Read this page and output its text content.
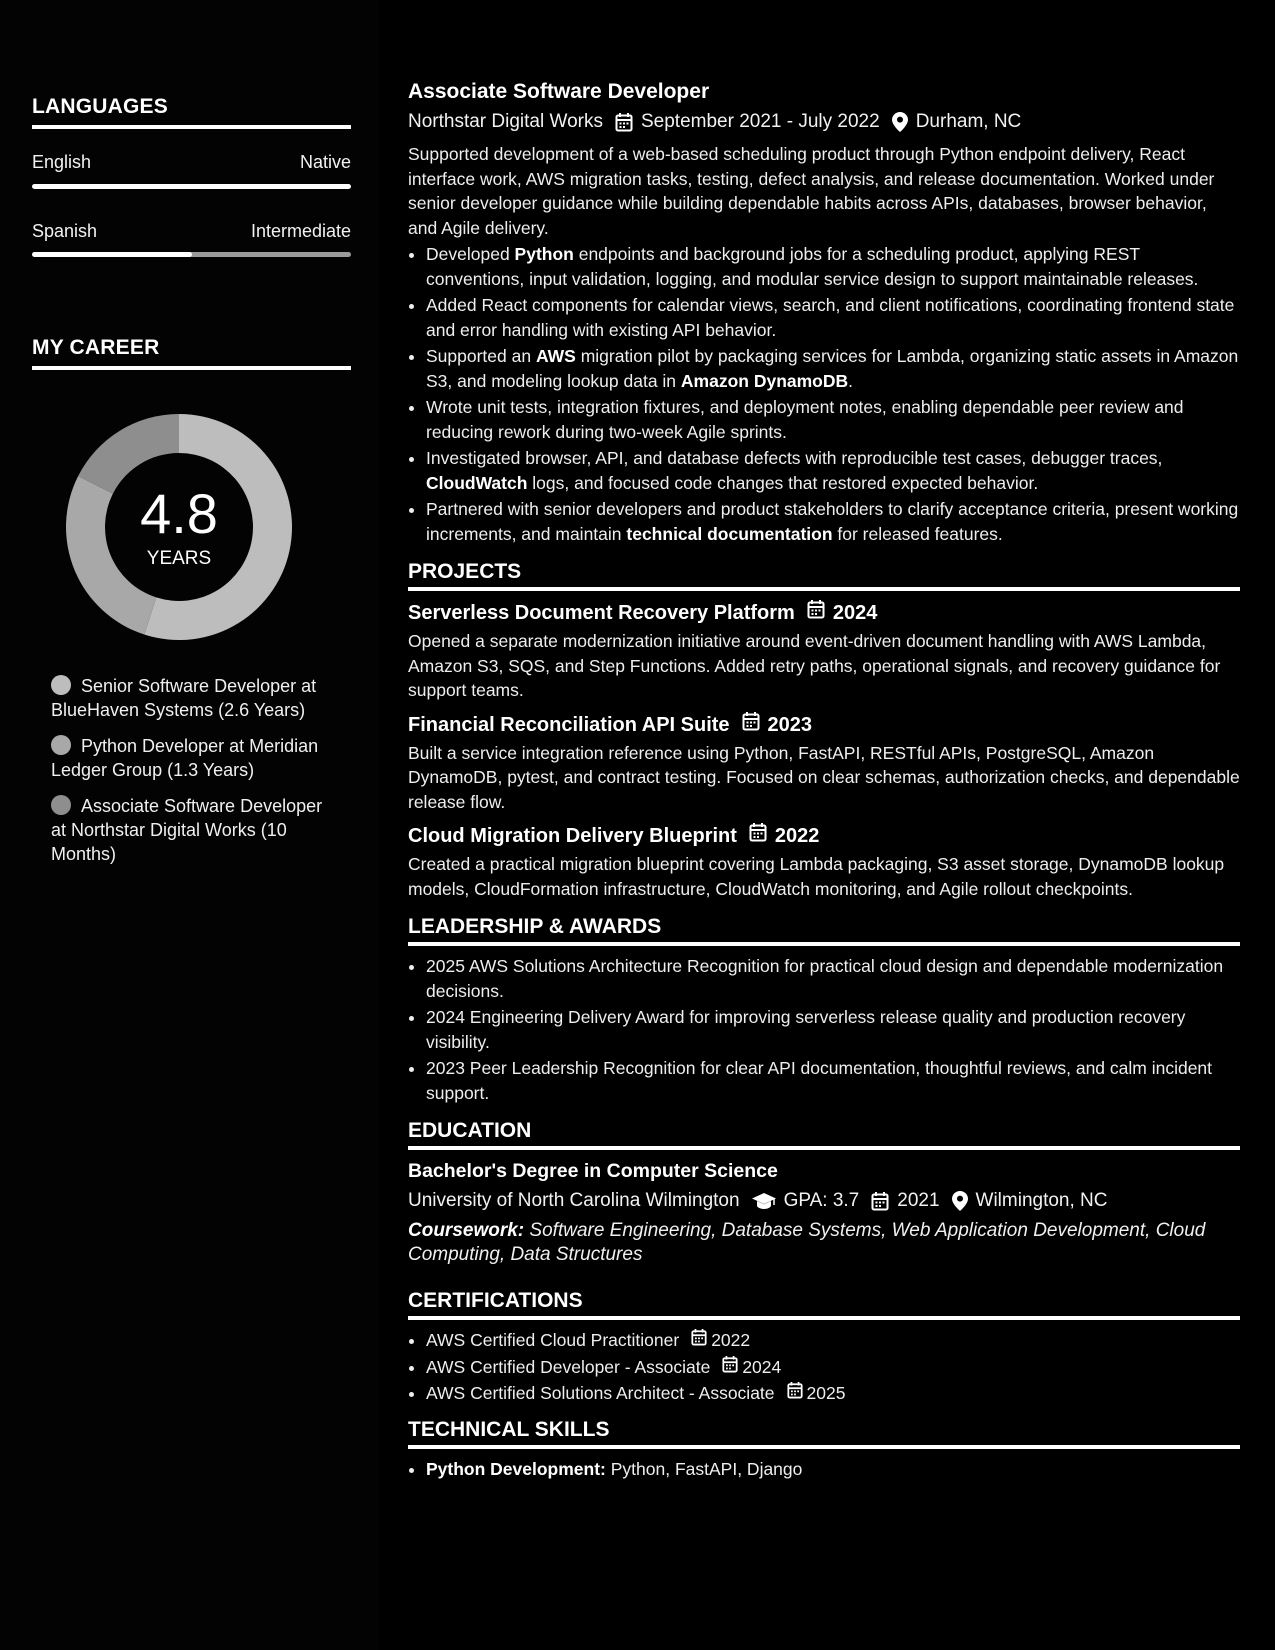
LANGUAGES
English	Native
Spanish	Intermediate
MY CAREER
4.8
YEARS
Senior Software Developer at BlueHaven Systems (2.6 Years)
Python Developer at Meridian Ledger Group (1.3 Years)
Associate Software Developer at Northstar Digital Works (10 Months)
Associate Software Developer
Northstar Digital Works September 2021 - July 2022 Durham, NC
Supported development of a web-based scheduling product through Python endpoint delivery, React interface work, AWS migration tasks, testing, defect analysis, and release documentation. Worked under senior developer guidance while building dependable habits across APIs, databases, browser behavior, and Agile delivery.
• Developed Python endpoints and background jobs for a scheduling product, applying REST conventions, input validation, logging, and modular service design to support maintainable releases.
• Added React components for calendar views, search, and client notifications, coordinating frontend state and error handling with existing API behavior.
• Supported an AWS migration pilot by packaging services for Lambda, organizing static assets in Amazon S3, and modeling lookup data in Amazon DynamoDB.
• Wrote unit tests, integration fixtures, and deployment notes, enabling dependable peer review and reducing rework during two-week Agile sprints.
• Investigated browser, API, and database defects with reproducible test cases, debugger traces, CloudWatch logs, and focused code changes that restored expected behavior.
• Partnered with senior developers and product stakeholders to clarify acceptance criteria, present working increments, and maintain technical documentation for released features.
PROJECTS
Serverless Document Recovery Platform 2024
Opened a separate modernization initiative around event-driven document handling with AWS Lambda, Amazon S3, SQS, and Step Functions. Added retry paths, operational signals, and recovery guidance for support teams.
Financial Reconciliation API Suite 2023
Built a service integration reference using Python, FastAPI, RESTful APIs, PostgreSQL, Amazon DynamoDB, pytest, and contract testing. Focused on clear schemas, authorization checks, and dependable release flow.
Cloud Migration Delivery Blueprint 2022
Created a practical migration blueprint covering Lambda packaging, S3 asset storage, DynamoDB lookup models, CloudFormation infrastructure, CloudWatch monitoring, and Agile rollout checkpoints.
LEADERSHIP & AWARDS
• 2025 AWS Solutions Architecture Recognition for practical cloud design and dependable modernization decisions.
• 2024 Engineering Delivery Award for improving serverless release quality and production recovery visibility.
• 2023 Peer Leadership Recognition for clear API documentation, thoughtful reviews, and calm incident support.
EDUCATION
Bachelor's Degree in Computer Science
University of North Carolina Wilmington GPA: 3.7 2021 Wilmington, NC
Coursework: Software Engineering, Database Systems, Web Application Development, Cloud Computing, Data Structures
CERTIFICATIONS
• AWS Certified Cloud Practitioner 2022
• AWS Certified Developer - Associate 2024
• AWS Certified Solutions Architect - Associate 2025
TECHNICAL SKILLS
• Python Development: Python, FastAPI, Django
